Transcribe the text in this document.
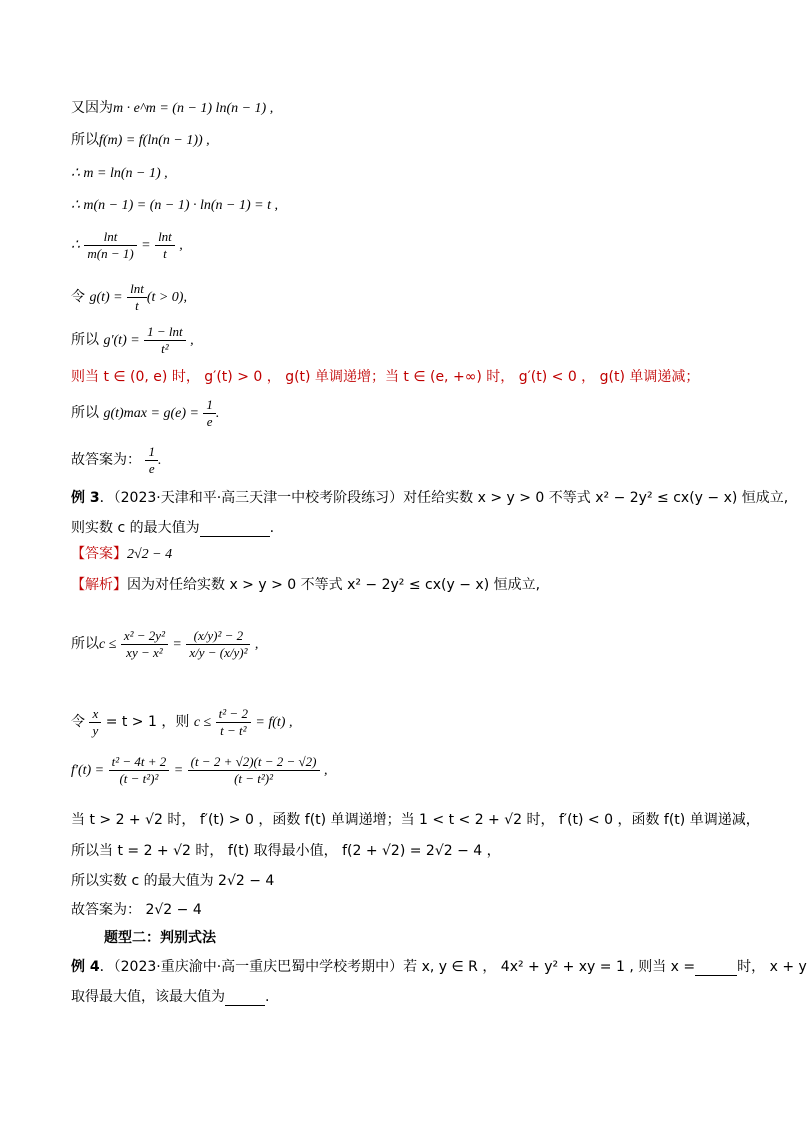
又因为m · e^m = (n − 1) ln(n − 1) ,
所以f(m) = f(ln(n − 1)) ,
∴ m = ln(n − 1) ,
∴ m(n − 1) = (n − 1) · ln(n − 1) = t ,
∴ $\frac{\ln t}{m(n - 1)} = \frac{\ln t}{t}$ ,
令 $g(t) = \frac{\ln t}{t} (t > 0)$,
所以 $g'(t) = \frac{1 - \ln t}{\text{t²}}$ ,
则当 t ∈ (0, e) 时， g′(t) > 0 ， g(t) 单调递增；当 t ∈ (e, +∞) 时， g′(t) < 0 ， g(t) 单调递减；
所以 $g(t)\max = g(e) = \frac{1}{e}$ .
故答案为： $\frac{1}{e}$ .
例 3．（2023·天津和平·高三天津一中校考阶段练习）对任给实数 x > y > 0 不等式 x² − 2y² ≤ cx(y − x) 恒成立,
则实数 c 的最大值为	.
【答案】2√2 − 4
【解析】因为对任给实数 x > y > 0 不等式 x² − 2y² ≤ cx(y − x) 恒成立,
所以$c \le \frac{\text{x² − 2y²}}{\text{xy − x²}} = \frac{\text{(x/y)² − 2}}{\text{x/y − (x/y)²}}$ ,
令 $\frac{x}{y} = t > 1$ ，则 $c \le \frac{\text{t² − 2}}{\text{t − t²}} = f(t)$ ,
$f'(t) = \frac{\text{t² − 4t + 2}}{\text{(t − t²)²}} = \frac{(t - 2 + √2)(t - 2 - √2)}{\text{(t − t²)²}}$ ,
当 t > 2 + √2 时， f′(t) > 0 ，函数 f(t) 单调递增；当 1 < t < 2 + √2 时， f′(t) < 0 ，函数 f(t) 单调递减，
所以当 t = 2 + √2 时， f(t) 取得最小值， f(2 + √2) = 2√2 − 4 ，
所以实数 c 的最大值为 2√2 − 4
故答案为： 2√2 − 4
题型二：判别式法
例 4．（2023·重庆渝中·高一重庆巴蜀中学校考期中）若 x, y ∈ R ， 4x² + y² + xy = 1 , 则当 x =	时， x + y
取得最大值，该最大值为	.
